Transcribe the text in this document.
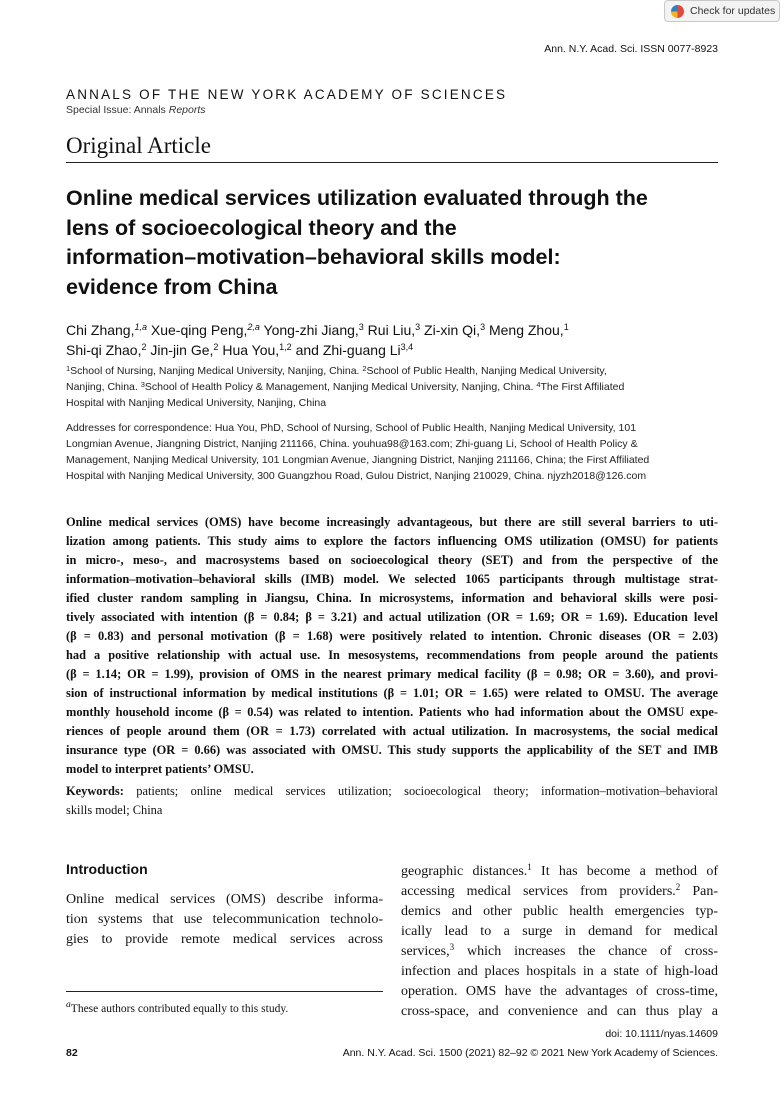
Check for updates
Ann. N.Y. Acad. Sci. ISSN 0077-8923
ANNALS OF THE NEW YORK ACADEMY OF SCIENCES
Special Issue: Annals Reports
Original Article
Online medical services utilization evaluated through the
lens of socioecological theory and the
information–motivation–behavioral skills model:
evidence from China
Chi Zhang,$^{1,a}$ Xue-qing Peng,$^{2,a}$ Yong-zhi Jiang,$^3$ Rui Liu,$^3$ Zi-xin Qi,$^3$ Meng Zhou,$^1$
Shi-qi Zhao,$^2$ Jin-jin Ge,$^2$ Hua You,$^{1,2}$ and Zhi-guang Li$^{3,4}$
$^1$School of Nursing, Nanjing Medical University, Nanjing, China. $^2$School of Public Health, Nanjing Medical University,
Nanjing, China. $^3$School of Health Policy & Management, Nanjing Medical University, Nanjing, China. $^4$The First Affiliated
Hospital with Nanjing Medical University, Nanjing, China
Addresses for correspondence: Hua You, PhD, School of Nursing, School of Public Health, Nanjing Medical University, 101
Longmian Avenue, Jiangning District, Nanjing 211166, China. youhua98@163.com; Zhi-guang Li, School of Health Policy &
Management, Nanjing Medical University, 101 Longmian Avenue, Jiangning District, Nanjing 211166, China; the First Affiliated
Hospital with Nanjing Medical University, 300 Guangzhou Road, Gulou District, Nanjing 210029, China. njyzh2018@126.com
Online medical services (OMS) have become increasingly advantageous, but there are still several barriers to uti-
lization among patients. This study aims to explore the factors influencing OMS utilization (OMSU) for patients
in micro-, meso-, and macrosystems based on socioecological theory (SET) and from the perspective of the
information–motivation–behavioral skills (IMB) model. We selected 1065 participants through multistage strat-
ified cluster random sampling in Jiangsu, China. In microsystems, information and behavioral skills were posi-
tively associated with intention (β = 0.84; β = 3.21) and actual utilization (OR = 1.69; OR = 1.69). Education level
(β = 0.83) and personal motivation (β = 1.68) were positively related to intention. Chronic diseases (OR = 2.03)
had a positive relationship with actual use. In mesosystems, recommendations from people around the patients
(β = 1.14; OR = 1.99), provision of OMS in the nearest primary medical facility (β = 0.98; OR = 3.60), and provi-
sion of instructional information by medical institutions (β = 1.01; OR = 1.65) were related to OMSU. The average
monthly household income (β = 0.54) was related to intention. Patients who had information about the OMSU expe-
riences of people around them (OR = 1.73) correlated with actual utilization. In macrosystems, the social medical
insurance type (OR = 0.66) was associated with OMSU. This study supports the applicability of the SET and IMB
model to interpret patients’ OMSU.
Keywords: patients; online medical services utilization; socioecological theory; information–motivation–behavioral
skills model; China
Introduction
Online medical services (OMS) describe informa-
tion systems that use telecommunication technolo-
gies to provide remote medical services across
geographic distances.$^1$ It has become a method of
accessing medical services from providers.$^2$ Pan-
demics and other public health emergencies typ-
ically lead to a surge in demand for medical
services,$^3$ which increases the chance of cross-
infection and places hospitals in a state of high-load
operation. OMS have the advantages of cross-time,
cross-space, and convenience and can thus play a
$^a$These authors contributed equally to this study.
doi: 10.1111/nyas.14609
82	Ann. N.Y. Acad. Sci. 1500 (2021) 82–92 © 2021 New York Academy of Sciences.
